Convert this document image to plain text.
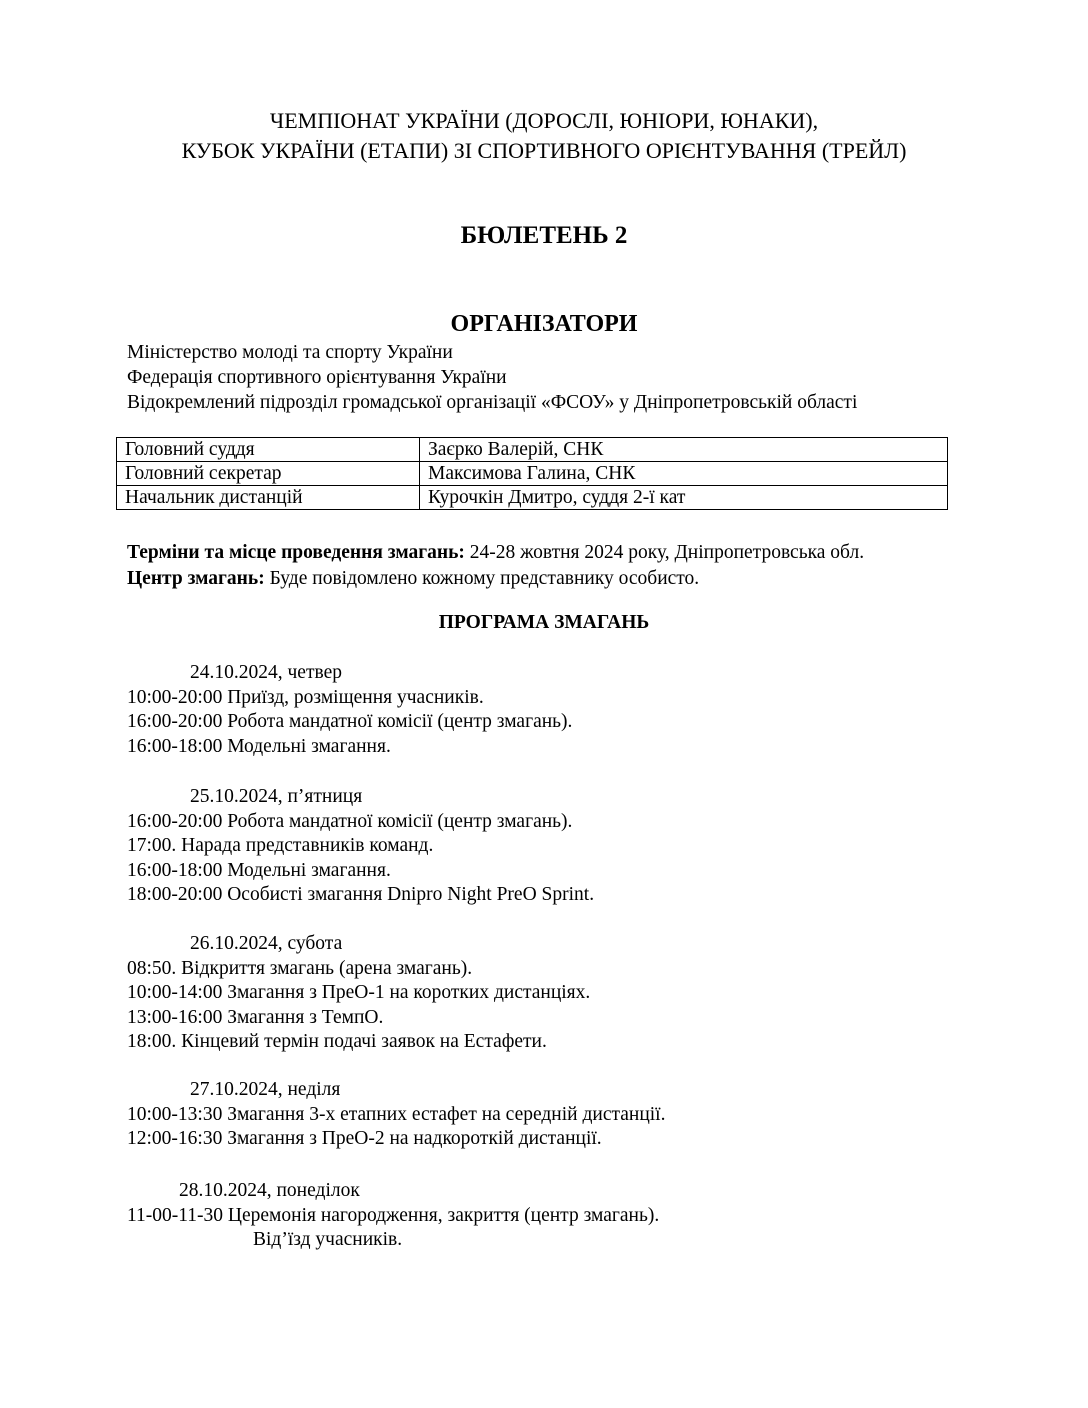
ЧЕМПІОНАТ УКРАЇНИ (ДОРОСЛІ, ЮНІОРИ, ЮНАКИ),
КУБОК УКРАЇНИ (ЕТАПИ) ЗІ СПОРТИВНОГО ОРІЄНТУВАННЯ (ТРЕЙЛ)
БЮЛЕТЕНЬ 2
ОРГАНІЗАТОРИ
Міністерство молоді та спорту України
Федерація спортивного орієнтування України
Відокремлений підрозділ громадської організації «ФСОУ» у Дніпропетровській області
Головний суддя	Заєрко Валерій, СНК
Головний секретар	Максимова Галина, СНК
Начальник дистанцій	Курочкін Дмитро, суддя 2-ї кат
Терміни та місце проведення змагань: 24-28 жовтня 2024 року, Дніпропетровська обл.
Центр змагань: Буде повідомлено кожному представнику особисто.
ПРОГРАМА ЗМАГАНЬ
24.10.2024, четвер
10:00-20:00 Приїзд, розміщення учасників.
16:00-20:00 Робота мандатної комісії (центр змагань).
16:00-18:00 Модельні змагання.
25.10.2024, п’ятниця
16:00-20:00 Робота мандатної комісії (центр змагань).
17:00. Нарада представників команд.
16:00-18:00 Модельні змагання.
18:00-20:00 Особисті змагання Dnipro Night PreO Sprint.
26.10.2024, субота
08:50. Відкриття змагань (арена змагань).
10:00-14:00 Змагання з ПреО-1 на коротких дистанціях.
13:00-16:00 Змагання з ТемпО.
18:00. Кінцевий термін подачі заявок на Естафети.
27.10.2024, неділя
10:00-13:30 Змагання 3-х етапних естафет на середній дистанції.
12:00-16:30 Змагання з ПреО-2 на надкороткій дистанції.
28.10.2024, понеділок
11-00-11-30 Церемонія нагородження, закриття (центр змагань).
Від’їзд учасників.
